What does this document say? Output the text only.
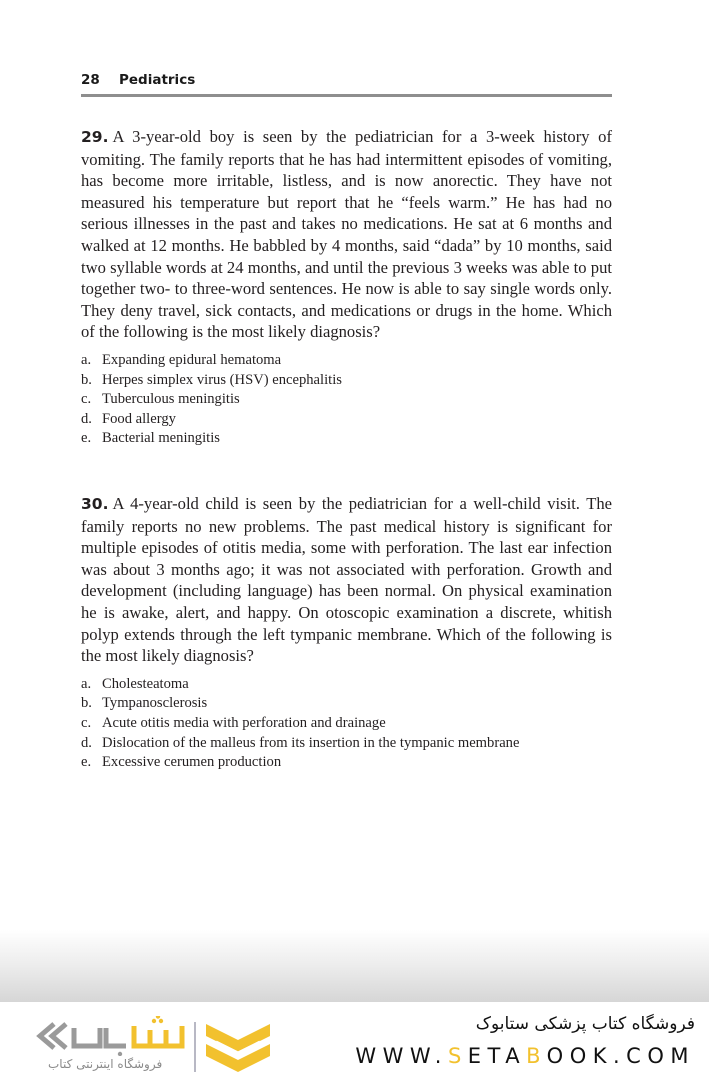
28 Pediatrics

29. A 3-year-old boy is seen by the pediatrician for a 3-week history of vomiting. The family reports that he has had intermittent episodes of vomiting, has become more irritable, listless, and is now anorectic. They have not measured his temperature but report that he “feels warm.” He has had no serious illnesses in the past and takes no medications. He sat at 6 months and walked at 12 months. He babbled by 4 months, said “dada” by 10 months, said two syllable words at 24 months, and until the previous 3 weeks was able to put together two- to three-word sentences. He now is able to say single words only. They deny travel, sick contacts, and medications or drugs in the home. Which of the following is the most likely diagnosis?

a. Expanding epidural hematoma
b. Herpes simplex virus (HSV) encephalitis
c. Tuberculous meningitis
d. Food allergy
e. Bacterial meningitis

30. A 4-year-old child is seen by the pediatrician for a well-child visit. The family reports no new problems. The past medical history is significant for multiple episodes of otitis media, some with perforation. The last ear infection was about 3 months ago; it was not associated with perforation. Growth and development (including language) has been normal. On physical examination he is awake, alert, and happy. On otoscopic examination a discrete, whitish polyp extends through the left tympanic membrane. Which of the following is the most likely diagnosis?

a. Cholesteatoma
b. Tympanosclerosis
c. Acute otitis media with perforation and drainage
d. Dislocation of the malleus from its insertion in the tympanic membrane
e. Excessive cerumen production
فروشگاه اینترنتی کتاب
فروشگاه کتاب پزشکی ستابوک
WWW.SETABOOK.COM
